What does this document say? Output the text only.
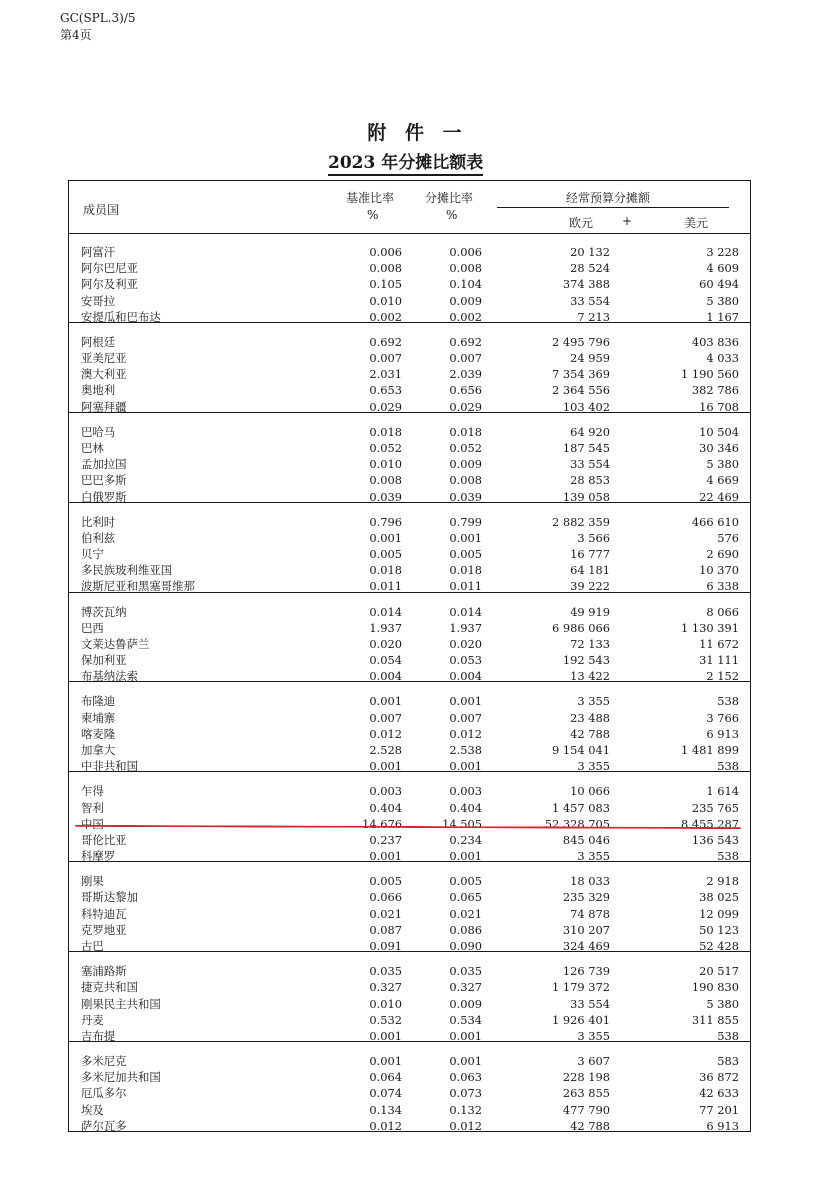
GC(SPL.3)/5
第4页
附 件 一
2023 年分摊比额表
成员国
基准比率
%
分摊比率
%
经常预算分摊额
欧元 +	美元
阿富汗	0.006	0.006	20 132	3 228
阿尔巴尼亚	0.008	0.008	28 524	4 609
阿尔及利亚	0.105	0.104	374 388	60 494
安哥拉	0.010	0.009	33 554	5 380
安提瓜和巴布达	0.002	0.002	7 213	1 167
阿根廷	0.692	0.692	2 495 796	403 836
亚美尼亚	0.007	0.007	24 959	4 033
澳大利亚	2.031	2.039	7 354 369	1 190 560
奥地利	0.653	0.656	2 364 556	382 786
阿塞拜疆	0.029	0.029	103 402	16 708
巴哈马	0.018	0.018	64 920	10 504
巴林	0.052	0.052	187 545	30 346
孟加拉国	0.010	0.009	33 554	5 380
巴巴多斯	0.008	0.008	28 853	4 669
白俄罗斯	0.039	0.039	139 058	22 469
比利时	0.796	0.799	2 882 359	466 610
伯利兹	0.001	0.001	3 566	576
贝宁	0.005	0.005	16 777	2 690
多民族玻利维亚国	0.018	0.018	64 181	10 370
波斯尼亚和黑塞哥维那	0.011	0.011	39 222	6 338
博茨瓦纳	0.014	0.014	49 919	8 066
巴西	1.937	1.937	6 986 066	1 130 391
文莱达鲁萨兰	0.020	0.020	72 133	11 672
保加利亚	0.054	0.053	192 543	31 111
布基纳法索	0.004	0.004	13 422	2 152
布隆迪	0.001	0.001	3 355	538
柬埔寨	0.007	0.007	23 488	3 766
喀麦隆	0.012	0.012	42 788	6 913
加拿大	2.528	2.538	9 154 041	1 481 899
中非共和国	0.001	0.001	3 355	538
乍得	0.003	0.003	10 066	1 614
智利	0.404	0.404	1 457 083	235 765
中国	14.676	14.505	52 328 705	8 455 287
哥伦比亚	0.237	0.234	845 046	136 543
科摩罗	0.001	0.001	3 355	538
刚果	0.005	0.005	18 033	2 918
哥斯达黎加	0.066	0.065	235 329	38 025
科特迪瓦	0.021	0.021	74 878	12 099
克罗地亚	0.087	0.086	310 207	50 123
古巴	0.091	0.090	324 469	52 428
塞浦路斯	0.035	0.035	126 739	20 517
捷克共和国	0.327	0.327	1 179 372	190 830
刚果民主共和国	0.010	0.009	33 554	5 380
丹麦	0.532	0.534	1 926 401	311 855
吉布提	0.001	0.001	3 355	538
多米尼克	0.001	0.001	3 607	583
多米尼加共和国	0.064	0.063	228 198	36 872
厄瓜多尔	0.074	0.073	263 855	42 633
埃及	0.134	0.132	477 790	77 201
萨尔瓦多	0.012	0.012	42 788	6 913
